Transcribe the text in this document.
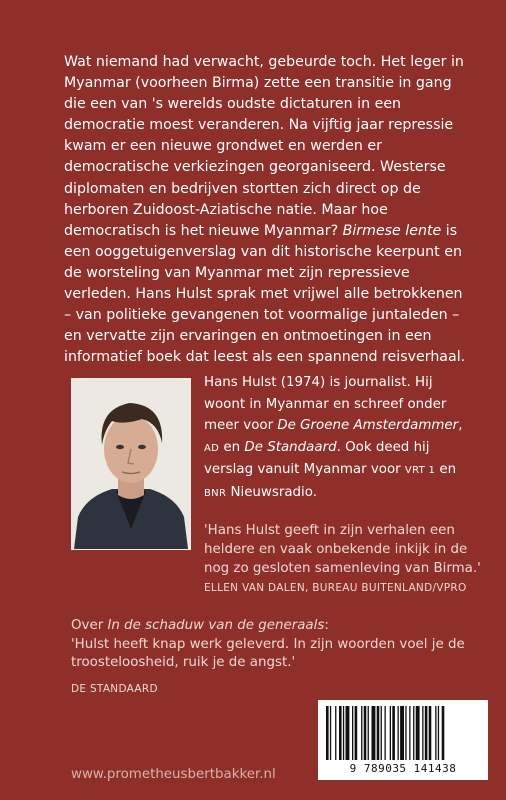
Wat niemand had verwacht, gebeurde toch. Het leger in Myanmar (voorheen Birma) zette een transitie in gang die een van 's werelds oudste dictaturen in een democratie moest veranderen. Na vijftig jaar repressie kwam er een nieuwe grondwet en werden er democratische verkiezingen georganiseerd. Westerse diplomaten en bedrijven stortten zich direct op de herboren Zuidoost-Aziatische natie. Maar hoe democratisch is het nieuwe Myanmar? Birmese lente is een ooggetuigenverslag van dit historische keerpunt en de worsteling van Myanmar met zijn repressieve verleden. Hans Hulst sprak met vrijwel alle betrokkenen – van politieke gevangenen tot voormalige juntaleden – en vervatte zijn ervaringen en ontmoetingen in een informatief boek dat leest als een spannend reisverhaal.

Hans Hulst (1974) is journalist. Hij woont in Myanmar en schreef onder meer voor De Groene Amsterdammer, AD en De Standaard. Ook deed hij verslag vanuit Myanmar voor VRT 1 en BNR Nieuwsradio.

'Hans Hulst geeft in zijn verhalen een heldere en vaak onbekende inkijk in de nog zo gesloten samenleving van Birma.'

ELLEN VAN DALEN, BUREAU BUITENLAND/VPRO

Over In de schaduw van de generaals:
'Hulst heeft knap werk geleverd. In zijn woorden voel je de troosteloosheid, ruik je de angst.'

DE STANDAARD

9 789035 141438

www.prometheusbertbakker.nl
